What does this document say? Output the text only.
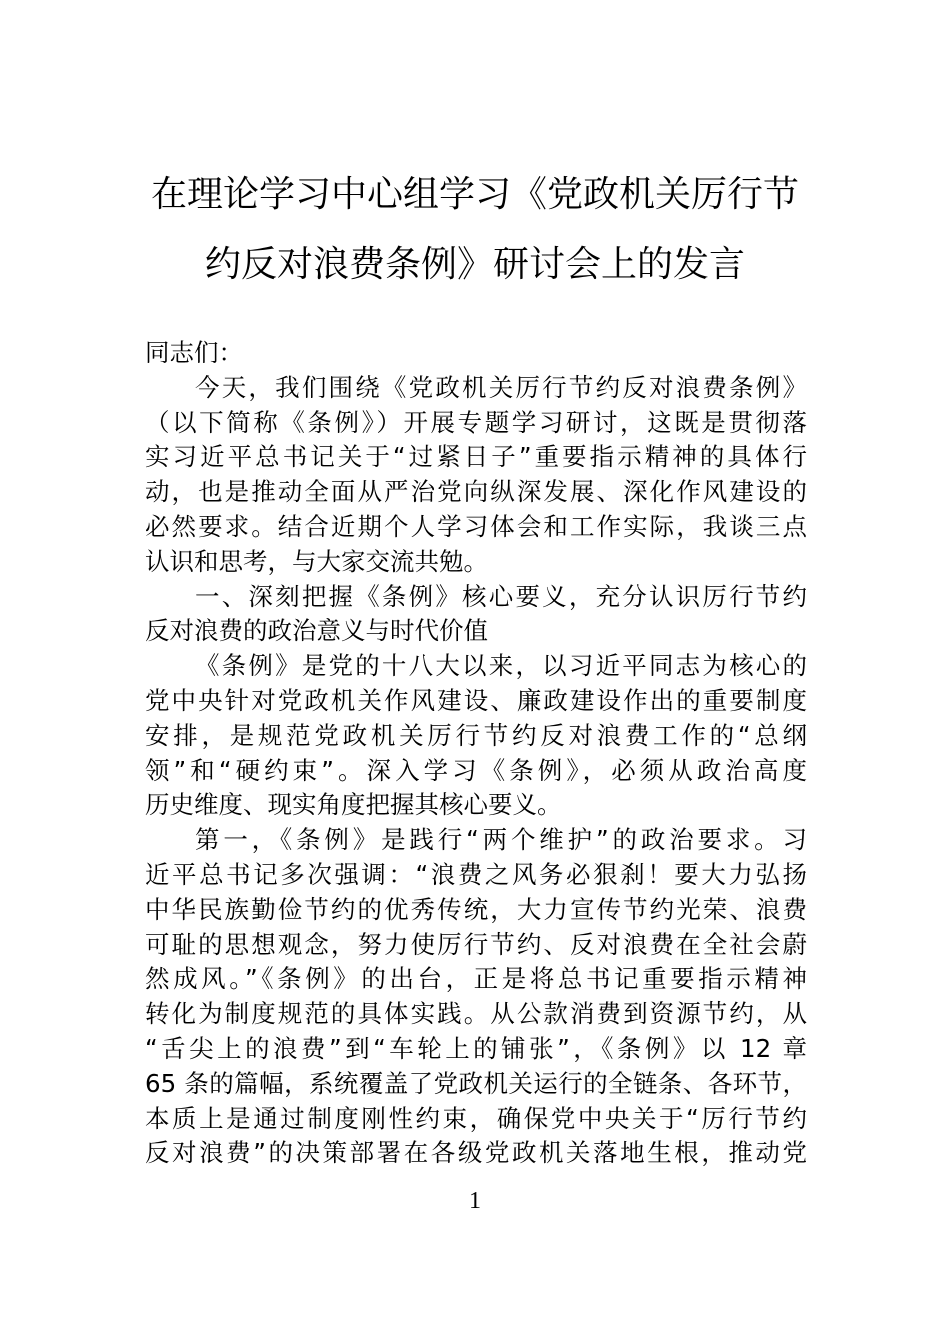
在理论学习中心组学习《党政机关厉行节
约反对浪费条例》研讨会上的发言
同志们：
今天，我们围绕《党政机关厉行节约反对浪费条例》
（以下简称《条例》）开展专题学习研讨，这既是贯彻落
实习近平总书记关于“过紧日子”重要指示精神的具体行
动，也是推动全面从严治党向纵深发展、深化作风建设的
必然要求。结合近期个人学习体会和工作实际，我谈三点
认识和思考，与大家交流共勉。
一、深刻把握《条例》核心要义，充分认识厉行节约
反对浪费的政治意义与时代价值
《条例》是党的十八大以来，以习近平同志为核心的
党中央针对党政机关作风建设、廉政建设作出的重要制度
安排，是规范党政机关厉行节约反对浪费工作的“总纲
领”和“硬约束”。深入学习《条例》，必须从政治高度
历史维度、现实角度把握其核心要义。
第一，《条例》是践行“两个维护”的政治要求。习
近平总书记多次强调：“浪费之风务必狠刹！要大力弘扬
中华民族勤俭节约的优秀传统，大力宣传节约光荣、浪费
可耻的思想观念，努力使厉行节约、反对浪费在全社会蔚
然成风。”《条例》的出台，正是将总书记重要指示精神
转化为制度规范的具体实践。从公款消费到资源节约，从
“舌尖上的浪费”到“车轮上的铺张”，《条例》以 12 章
65 条的篇幅，系统覆盖了党政机关运行的全链条、各环节，
本质上是通过制度刚性约束，确保党中央关于“厉行节约
反对浪费”的决策部署在各级党政机关落地生根，推动党
1
